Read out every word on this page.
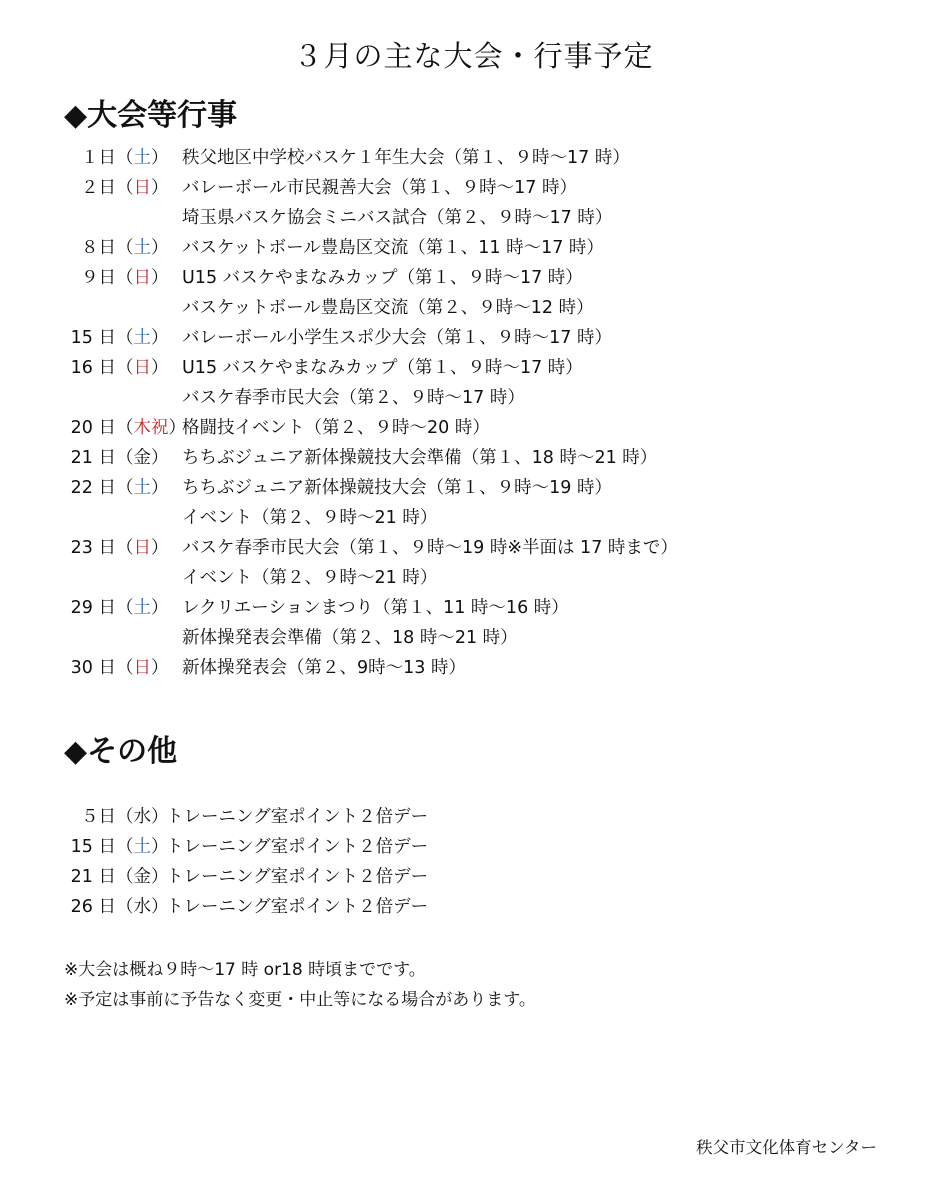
３月の主な大会・行事予定
◆大会等行事
１日（土） 秩父地区中学校バスケ１年生大会（第１、９時～17 時）
２日（日） バレーボール市民親善大会（第１、９時～17 時）
埼玉県バスケ協会ミニバス試合（第２、９時～17 時）
８日（土） バスケットボール豊島区交流（第１、11 時～17 時）
９日（日） U15 バスケやまなみカップ（第１、９時～17 時）
バスケットボール豊島区交流（第２、９時～12 時）
15 日（土） バレーボール小学生スポ少大会（第１、９時～17 時）
16 日（日） U15 バスケやまなみカップ（第１、９時～17 時）
バスケ春季市民大会（第２、９時～17 時）
20 日（木祝）
格闘技イベント（第２、９時～20 時）
21 日（金） ちちぶジュニア新体操競技大会準備（第１、18 時～21 時）
22 日（土） ちちぶジュニア新体操競技大会（第１、９時～19 時）
イベント（第２、９時～21 時）
23 日（日） バスケ春季市民大会（第１、９時～19 時※半面は 17 時まで）
イベント（第２、９時～21 時）
29 日（土） レクリエーションまつり（第１、11 時～16 時）
新体操発表会準備（第２、18 時～21 時）
30 日（日） 新体操発表会（第２、9時～13 時）
◆その他
５日（水）
トレーニング室ポイント２倍デー
15 日（土）
トレーニング室ポイント２倍デー
21 日（金）
トレーニング室ポイント２倍デー
26 日（水）
トレーニング室ポイント２倍デー
※大会は概ね９時～17 時 or18 時頃までです。
※予定は事前に予告なく変更・中止等になる場合があります。
秩父市文化体育センター
